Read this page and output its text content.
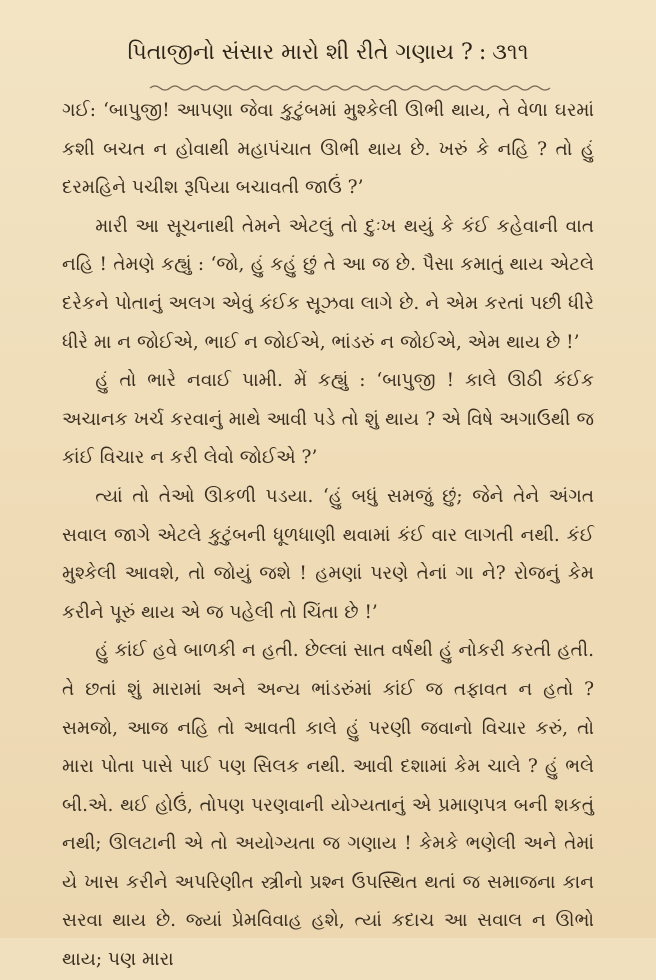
પિતાજીનો સંસાર મારો શી રીતે ગણાય ? : ૩૧૧

ગઈ: ‘બાપુજી! આપણા જેવા કુટુંબમાં મુશ્કેલી ઊભી થાય, તે વેળા ઘરમાં કશી બચત ન હોવાથી મહાપંચાત ઊભી થાય છે. ખરું કે નહિ ? તો હું દરમહિને પચીશ રૂપિયા બચાવતી જાઉં ?’

મારી આ સૂચનાથી તેમને એટલું તો દુઃખ થયું કે કંઈ કહેવાની વાત નહિ ! તેમણે કહ્યું : ‘જો, હું કહું છું તે આ જ છે. પૈસા કમાતું થાય એટલે દરેકને પોતાનું અલગ એવું કંઈક સૂઝવા લાગે છે. ને એમ કરતાં પછી ધીરે ધીરે મા ન જોઈએ, ભાઈ ન જોઈએ, ભાંડરું ન જોઈએ, એમ થાય છે !’

હું તો ભારે નવાઈ પામી. મેં કહ્યું : ‘બાપુજી ! કાલે ઊઠી કંઈક અચાનક ખર્ચ કરવાનું માથે આવી પડે તો શું થાય ? એ વિષે અગાઉથી જ કાંઈ વિચાર ન કરી લેવો જોઈએ ?’

ત્યાં તો તેઓ ઊકળી પડયા. ‘હું બધું સમજું છું; જેને તેને અંગત સવાલ જાગે એટલે કુટુંબની ધૂળધાણી થવામાં કંઈ વાર લાગતી નથી. કંઈ મુશ્કેલી આવશે, તો જોયું જશે ! હમણાં પરણે તેનાં ગા ને? રોજનું કેમ કરીને પૂરું થાય એ જ પહેલી તો ચિંતા છે !’

હું કાંઈ હવે બાળકી ન હતી. છેલ્લાં સાત વર્ષથી હું નોકરી કરતી હતી. તે છતાં શું મારામાં અને અન્ય ભાંડરુંમાં કાંઈ જ તફાવત ન હતો ? સમજો, આજ નહિ તો આવતી કાલે હું પરણી જવાનો વિચાર કરું, તો મારા પોતા પાસે પાઈ પણ સિલક નથી. આવી દશામાં કેમ ચાલે ? હું ભલે બી.એ. થઈ હોઉં, તોપણ પરણવાની યોગ્યતાનું એ પ્રમાણપત્ર બની શકતું નથી; ઊલટાની એ તો અયોગ્યતા જ ગણાય ! કેમકે ભણેલી અને તેમાં યે ખાસ કરીને અપરિણીત સ્ત્રીનો પ્રશ્ન ઉપસ્થિત થતાં જ સમાજના કાન સરવા થાય છે. જ્યાં પ્રેમવિવાહ હશે, ત્યાં કદાચ આ સવાલ ન ઊભો થાય; પણ મારા
